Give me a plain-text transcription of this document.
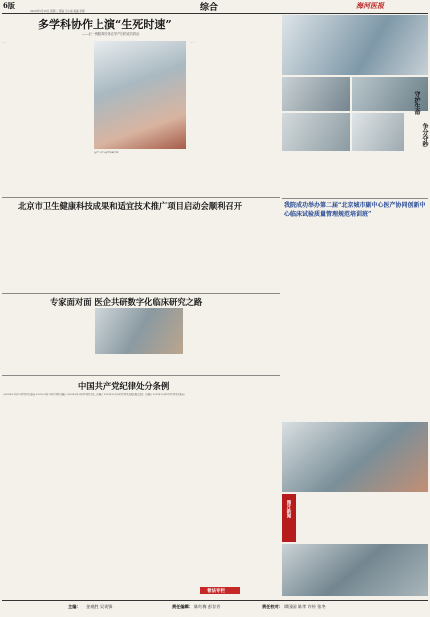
6版	综合	海河医报
2024年5月28日 星期二 责编 王小丽 美编 李刚
多学科协作上演“生死时速”
——记一例脓毒性休克孕产妇的成功救治
……
医护人员与患者家属合影。
……
守护生命
争分夺秒
北京市卫生健康科技成果和适宜技术推广项目启动会顺利召开	我院成功举办第二届“北京城市副中心医产协同创新中心临床试验质量管理规范培训班”
专家面对面 医企共研数字化临床研究之路
中国共产党纪律处分条例
（2003年12月31日中共中央发布 2015年10月12日中共中央修订 2018年8月18日中共中央第二次修订 2023年12月19日中共中央政治局会议第三次修订 2023年12月27日中共中央发布）
图片新闻
普法专栏
主编： 金观胜 吴英锋	责任编辑： 陈红梅 彭存芳	责任校对： 谭国园 陈孝 许传 张冬
